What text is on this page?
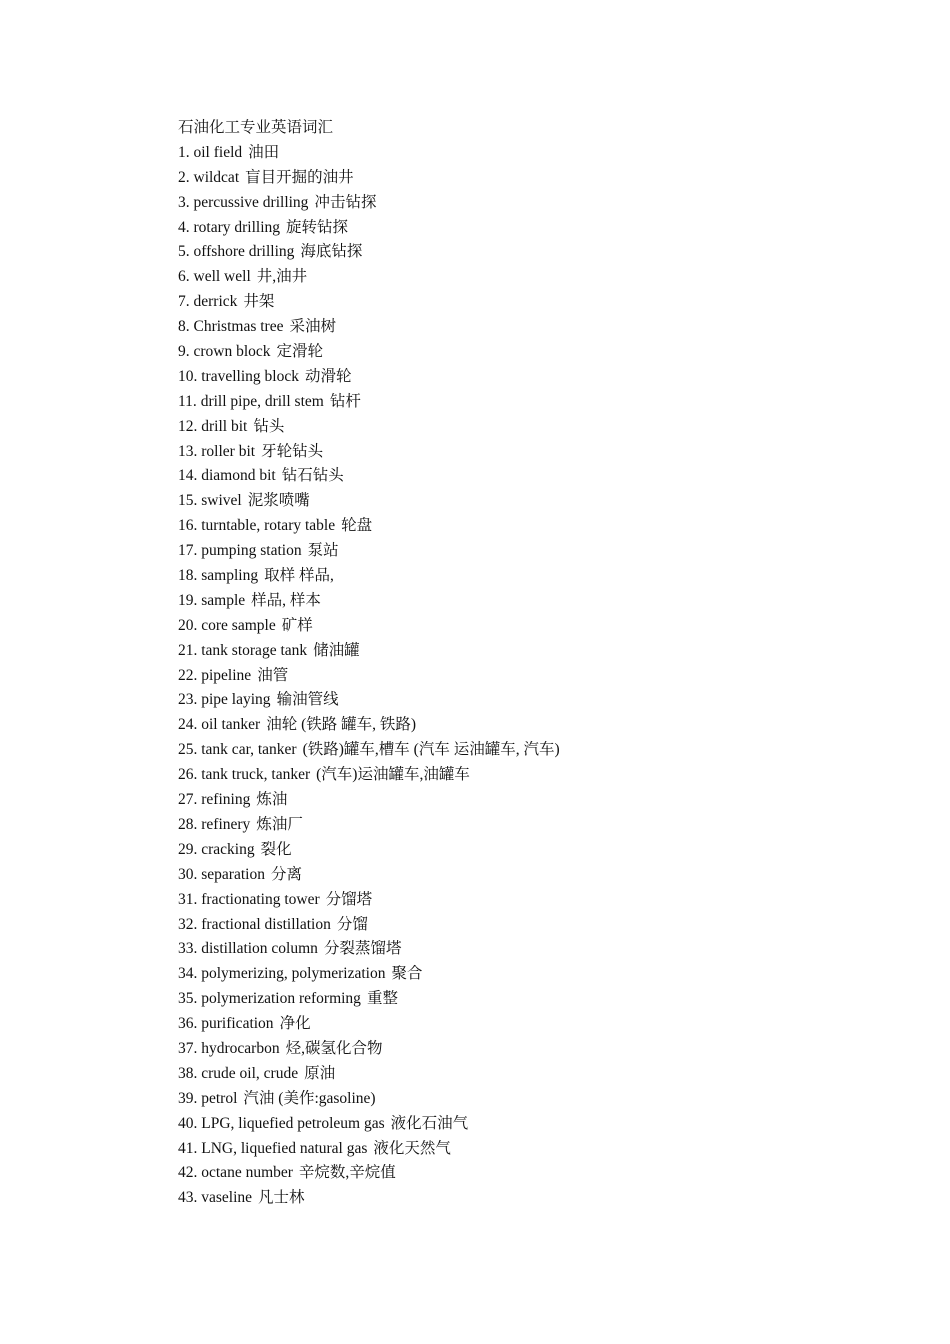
石油化工专业英语词汇
1. oil field 油田
2. wildcat 盲目开掘的油井
3. percussive drilling 冲击钻探
4. rotary drilling 旋转钻探
5. offshore drilling 海底钻探
6. well well 井,油井
7. derrick 井架
8. Christmas tree 采油树
9. crown block 定滑轮
10. travelling block 动滑轮
11. drill pipe, drill stem 钻杆
12. drill bit 钻头
13. roller bit 牙轮钻头
14. diamond bit 钻石钻头
15. swivel 泥浆喷嘴
16. turntable, rotary table 轮盘
17. pumping station 泵站
18. sampling 取样 样品,
19. sample 样品, 样本
20. core sample 矿样
21. tank storage tank 储油罐
22. pipeline 油管
23. pipe laying 输油管线
24. oil tanker 油轮 (铁路 罐车, 铁路)
25. tank car, tanker (铁路)罐车,槽车 (汽车 运油罐车, 汽车)
26. tank truck, tanker (汽车)运油罐车,油罐车
27. refining 炼油
28. refinery 炼油厂
29. cracking 裂化
30. separation 分离
31. fractionating tower 分馏塔
32. fractional distillation 分馏
33. distillation column 分裂蒸馏塔
34. polymerizing, polymerization 聚合
35. polymerization reforming 重整
36. purification 净化
37. hydrocarbon 烃,碳氢化合物
38. crude oil, crude 原油
39. petrol 汽油 (美作:gasoline)
40. LPG, liquefied petroleum gas 液化石油气
41. LNG, liquefied natural gas 液化天然气
42. octane number 辛烷数,辛烷值
43. vaseline 凡士林
